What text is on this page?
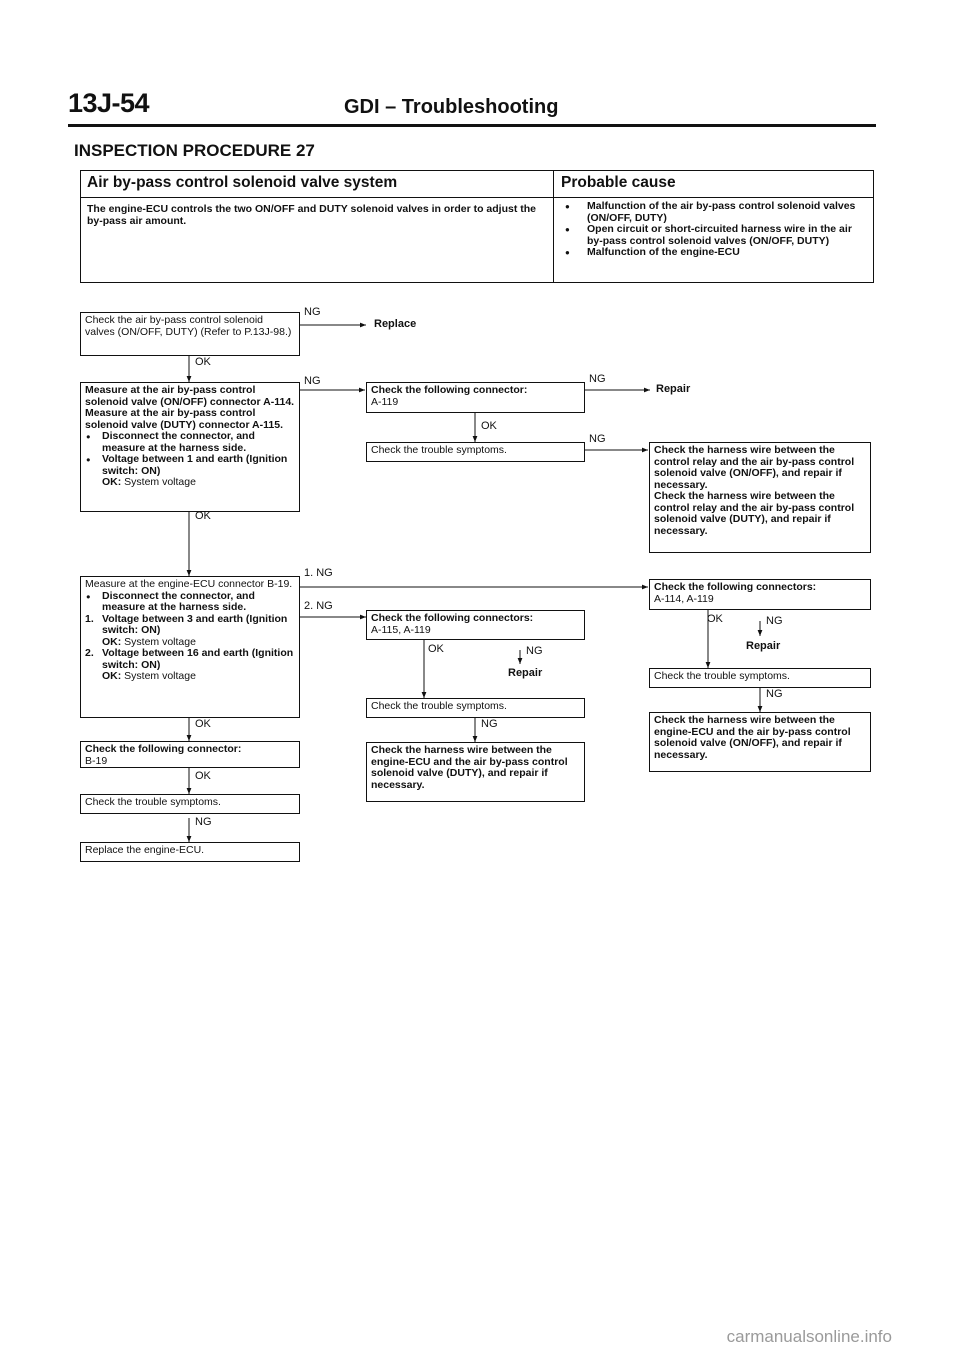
13J-54	GDI – Troubleshooting
INSPECTION PROCEDURE 27
Air by-pass control solenoid valve system	Probable cause
The engine-ECU controls the two ON/OFF and DUTY solenoid valves in order to adjust the by-pass air amount.
● Malfunction of the air by-pass control solenoid valves (ON/OFF, DUTY)
● Open circuit or short-circuited harness wire in the air by-pass control solenoid valves (ON/OFF, DUTY)
● Malfunction of the engine-ECU
Check the air by-pass control solenoid valves (ON/OFF, DUTY) (Refer to P.13J-98.)
Replace
Measure at the air by-pass control solenoid valve (ON/OFF) connector A-114.
Measure at the air by-pass control solenoid valve (DUTY) connector A-115.
● Disconnect the connector, and measure at the harness side.
● Voltage between 1 and earth (Ignition switch: ON)
OK: System voltage
Check the following connector:
A-119
Repair
Check the trouble symptoms.	Check the harness wire between the control relay and the air by-pass control solenoid valve (ON/OFF), and repair if necessary.
Check the harness wire between the control relay and the air by-pass control solenoid valve (DUTY), and repair if necessary.
Measure at the engine-ECU connector B-19.
● Disconnect the connector, and measure at the harness side.
1. Voltage between 3 and earth (Ignition switch: ON)
OK: System voltage
2. Voltage between 16 and earth (Ignition switch: ON)
OK: System voltage
Check the following connector:
B-19
Check the trouble symptoms.
Replace the engine-ECU.
Check the following connectors:
A-115, A-119
Repair
Check the trouble symptoms.
Check the harness wire between the engine-ECU and the air by-pass control solenoid valve (DUTY), and repair if necessary.
Check the following connectors:
A-114, A-119
Repair
Check the trouble symptoms.
Check the harness wire between the engine-ECU and the air by-pass control solenoid valve (ON/OFF), and repair if necessary.
NG
OK
NG	NG
OK
NG
OK
1. NG
2. NG
OK	NG
NG
OK	NG
NG
OK
OK
NG
carmanualsonline.info
